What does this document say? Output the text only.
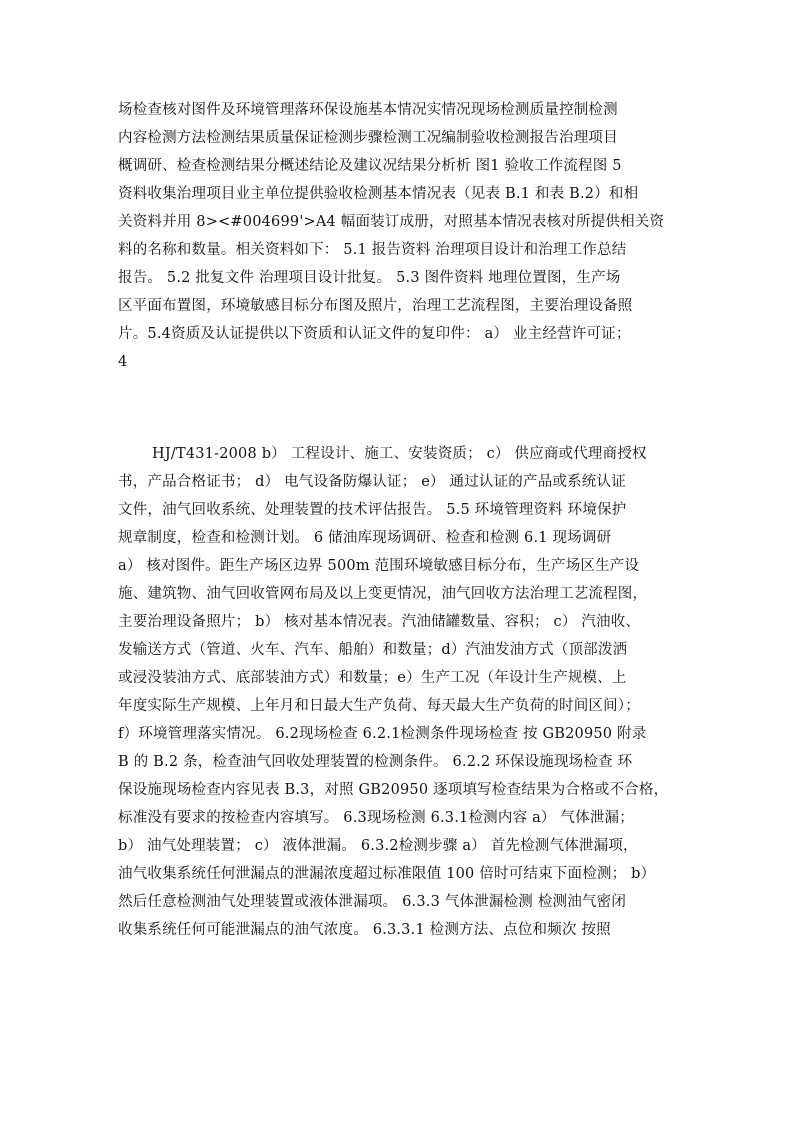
场检查核对图件及环境管理落环保设施基本情况实情况现场检测质量控制检测
内容检测方法检测结果质量保证检测步骤检测工况编制验收检测报告治理项目
概调研、检查检测结果分概述结论及建议况结果分析析 图1 验收工作流程图 5
资料收集治理项目业主单位提供验收检测基本情况表（见表 B.1 和表 B.2）和相
关资料并用 8><#004699'>A4 幅面装订成册，对照基本情况表核对所提供相关资
料的名称和数量。相关资料如下： 5.1 报告资料 治理项目设计和治理工作总结
报告。 5.2 批复文件 治理项目设计批复。 5.3 图件资料 地理位置图，生产场
区平面布置图，环境敏感目标分布图及照片，治理工艺流程图，主要治理设备照
片。5.4资质及认证提供以下资质和认证文件的复印件： a） 业主经营许可证；
4
HJ/T431-2008 b） 工程设计、施工、安装资质； c） 供应商或代理商授权
书，产品合格证书； d） 电气设备防爆认证； e） 通过认证的产品或系统认证
文件，油气回收系统、处理装置的技术评估报告。 5.5 环境管理资料 环境保护
规章制度，检查和检测计划。 6 储油库现场调研、检查和检测 6.1 现场调研
a） 核对图件。距生产场区边界 500m 范围环境敏感目标分布，生产场区生产设
施、建筑物、油气回收管网布局及以上变更情况，油气回收方法治理工艺流程图，
主要治理设备照片； b） 核对基本情况表。汽油储罐数量、容积； c） 汽油收、
发输送方式（管道、火车、汽车、船舶）和数量；d）汽油发油方式（顶部泼洒
或浸没装油方式、底部装油方式）和数量；e）生产工况（年设计生产规模、上
年度实际生产规模、上年月和日最大生产负荷、每天最大生产负荷的时间区间）；
f）环境管理落实情况。 6.2现场检查 6.2.1检测条件现场检查 按 GB20950 附录
B 的 B.2 条，检查油气回收处理装置的检测条件。 6.2.2 环保设施现场检查 环
保设施现场检查内容见表 B.3，对照 GB20950 逐项填写检查结果为合格或不合格，
标准没有要求的按检查内容填写。 6.3现场检测 6.3.1检测内容 a） 气体泄漏；
b） 油气处理装置； c） 液体泄漏。 6.3.2检测步骤 a） 首先检测气体泄漏项，
油气收集系统任何泄漏点的泄漏浓度超过标准限值 100 倍时可结束下面检测； b）
然后任意检测油气处理装置或液体泄漏项。 6.3.3 气体泄漏检测 检测油气密闭
收集系统任何可能泄漏点的油气浓度。 6.3.3.1 检测方法、点位和频次 按照
